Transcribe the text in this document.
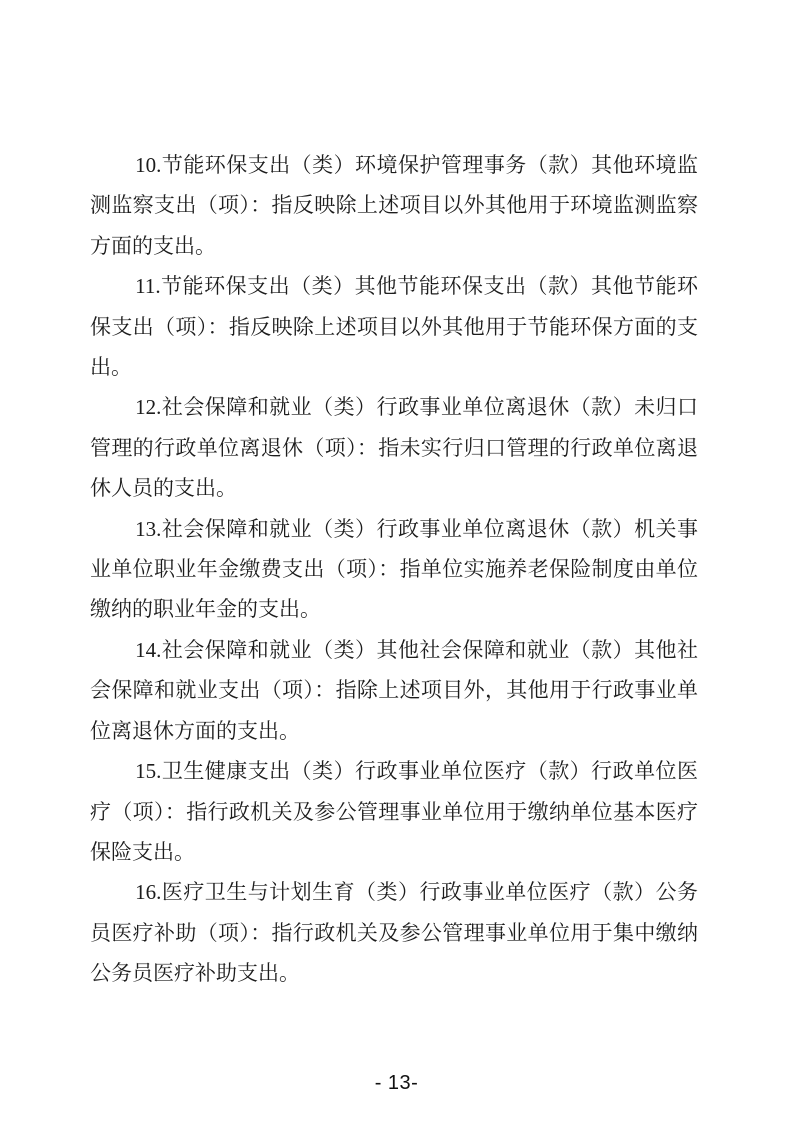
10.节能环保支出（类）环境保护管理事务（款）其他环境监测监察支出（项）：指反映除上述项目以外其他用于环境监测监察方面的支出。

11.节能环保支出（类）其他节能环保支出（款）其他节能环保支出（项）：指反映除上述项目以外其他用于节能环保方面的支出。

12.社会保障和就业（类）行政事业单位离退休（款）未归口管理的行政单位离退休（项）：指未实行归口管理的行政单位离退休人员的支出。

13.社会保障和就业（类）行政事业单位离退休（款）机关事业单位职业年金缴费支出（项）：指单位实施养老保险制度由单位缴纳的职业年金的支出。

14.社会保障和就业（类）其他社会保障和就业（款）其他社会保障和就业支出（项）：指除上述项目外，其他用于行政事业单位离退休方面的支出。

15.卫生健康支出（类）行政事业单位医疗（款）行政单位医疗（项）：指行政机关及参公管理事业单位用于缴纳单位基本医疗保险支出。

16.医疗卫生与计划生育（类）行政事业单位医疗（款）公务员医疗补助（项）：指行政机关及参公管理事业单位用于集中缴纳公务员医疗补助支出。

- 13-
